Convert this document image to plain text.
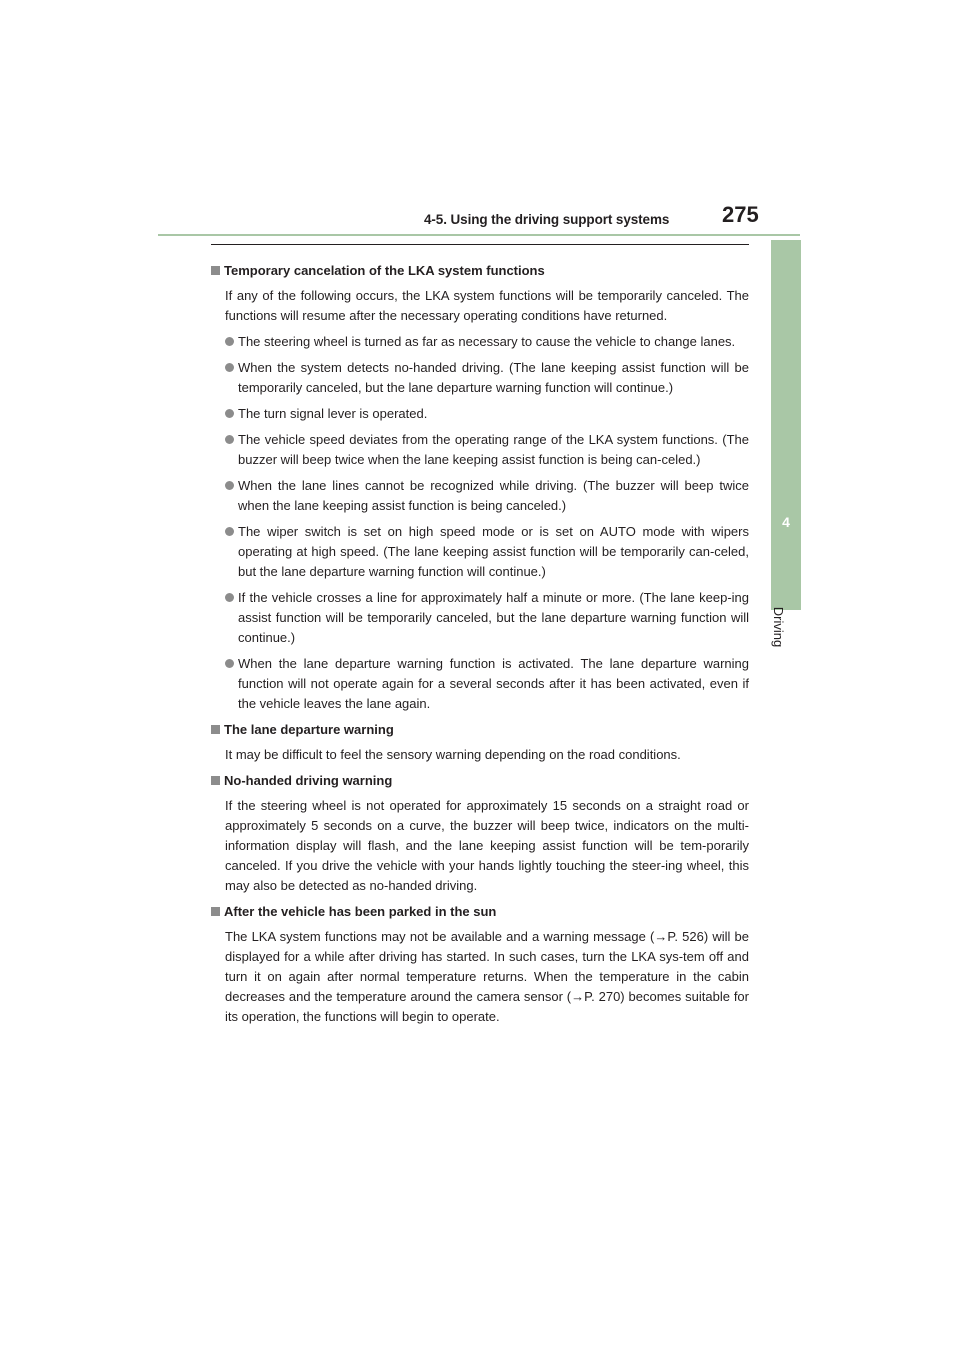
4-5. Using the driving support systems 275
4
Driving
Temporary cancelation of the LKA system functions
If any of the following occurs, the LKA system functions will be temporarily canceled. The functions will resume after the necessary operating conditions have returned.
The steering wheel is turned as far as necessary to cause the vehicle to change lanes.
When the system detects no-handed driving. (The lane keeping assist function will be temporarily canceled, but the lane departure warning function will continue.)
The turn signal lever is operated.
The vehicle speed deviates from the operating range of the LKA system functions. (The buzzer will beep twice when the lane keeping assist function is being can-celed.)
When the lane lines cannot be recognized while driving. (The buzzer will beep twice when the lane keeping assist function is being canceled.)
The wiper switch is set on high speed mode or is set on AUTO mode with wipers operating at high speed. (The lane keeping assist function will be temporarily can-celed, but the lane departure warning function will continue.)
If the vehicle crosses a line for approximately half a minute or more. (The lane keep-ing assist function will be temporarily canceled, but the lane departure warning function will continue.)
When the lane departure warning function is activated. The lane departure warning function will not operate again for a several seconds after it has been activated, even if the vehicle leaves the lane again.
The lane departure warning
It may be difficult to feel the sensory warning depending on the road conditions.
No-handed driving warning
If the steering wheel is not operated for approximately 15 seconds on a straight road or approximately 5 seconds on a curve, the buzzer will beep twice, indicators on the multi-information display will flash, and the lane keeping assist function will be tem-porarily canceled. If you drive the vehicle with your hands lightly touching the steer-ing wheel, this may also be detected as no-handed driving.
After the vehicle has been parked in the sun
The LKA system functions may not be available and a warning message (→P. 526) will be displayed for a while after driving has started. In such cases, turn the LKA sys-tem off and turn it on again after normal temperature returns. When the temperature in the cabin decreases and the temperature around the camera sensor (→P. 270) becomes suitable for its operation, the functions will begin to operate.
